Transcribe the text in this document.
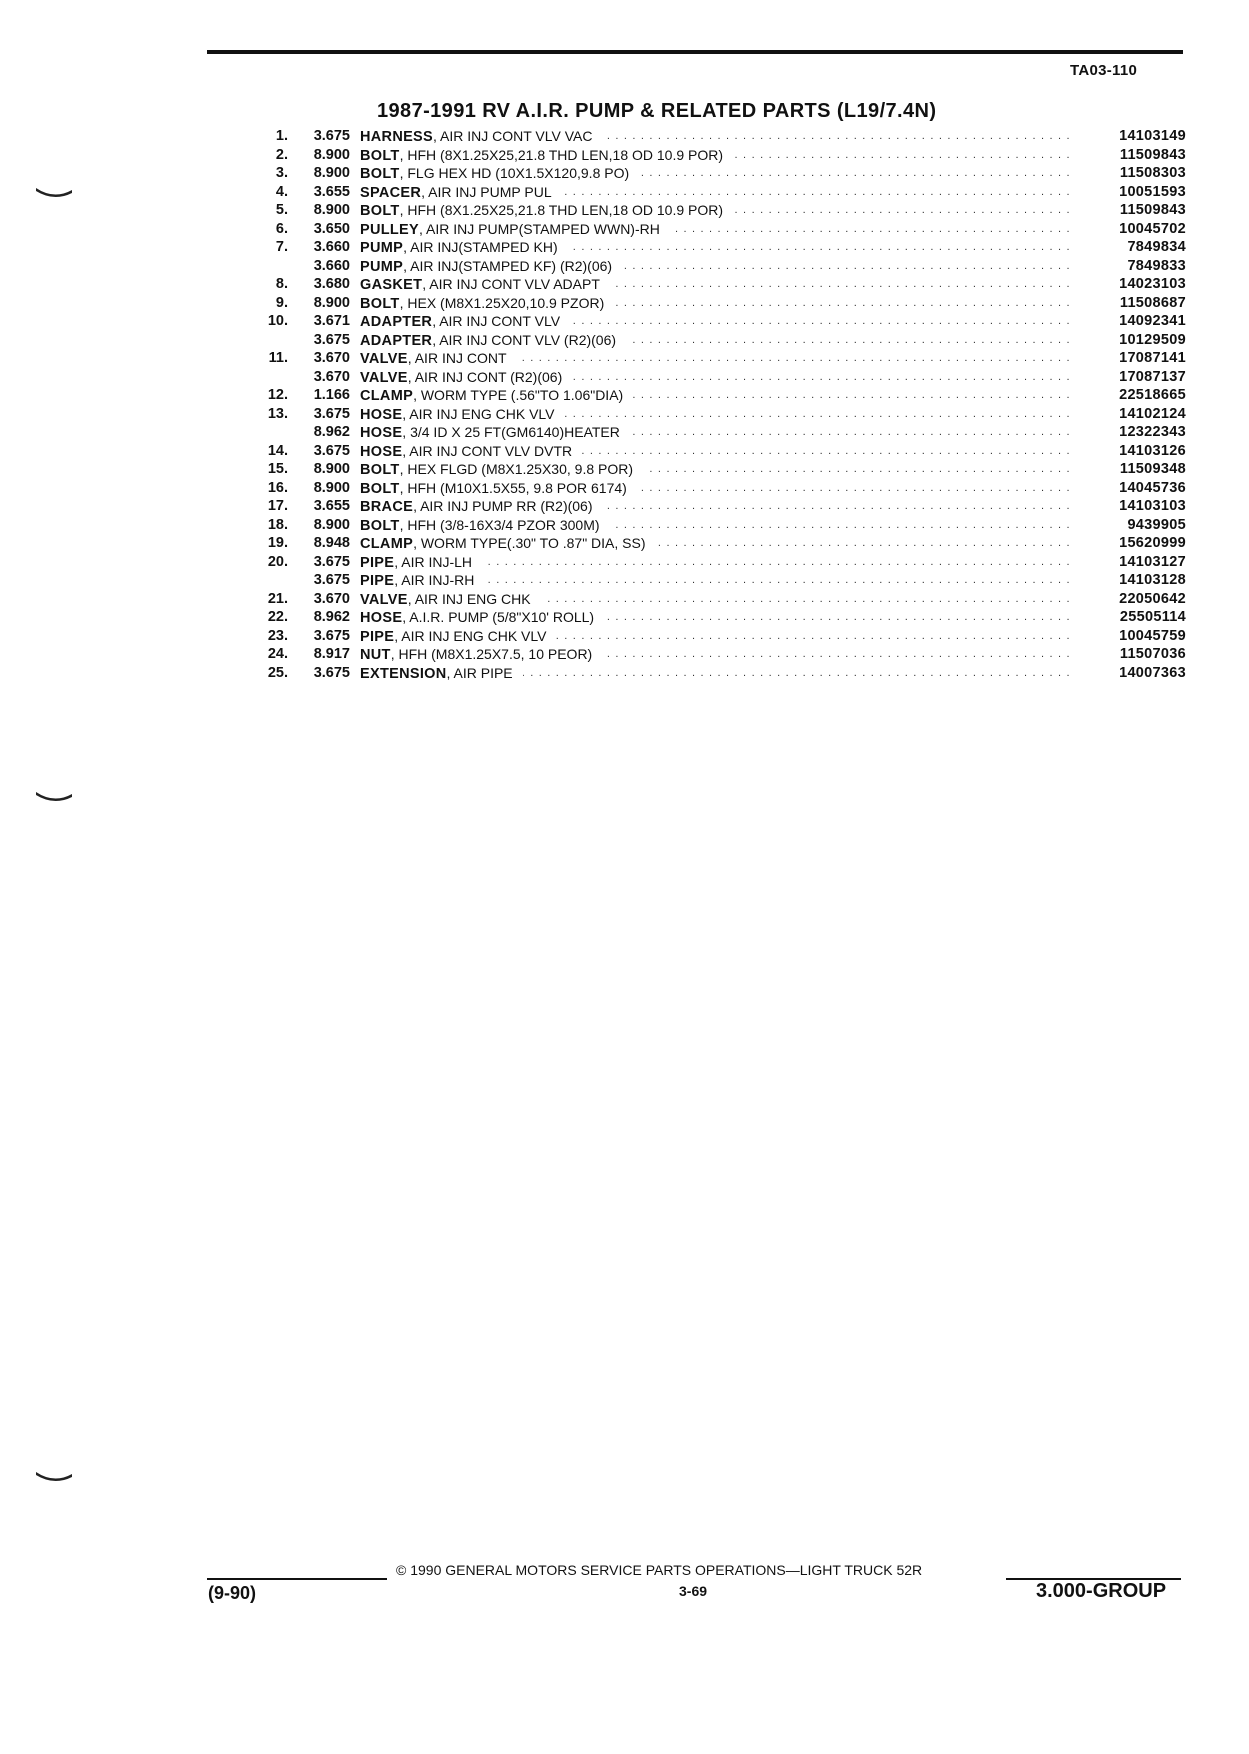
TA03-110
1987-1991 RV A.I.R. PUMP & RELATED PARTS (L19/7.4N)
1.	3.675 HARNESS, AIR INJ CONT VLV VAC . . .	14103149
2.	8.900 BOLT, HFH (8X1.25X25,21.8 THD LEN,18 OD 10.9 POR) . . .	11509843
3.	8.900 BOLT, FLG HEX HD (10X1.5X120,9.8 PO) . . .	11508303
4.	3.655 SPACER, AIR INJ PUMP PUL . . .	10051593
5.	8.900 BOLT, HFH (8X1.25X25,21.8 THD LEN,18 OD 10.9 POR) . . .	11509843
6.	3.650 PULLEY, AIR INJ PUMP(STAMPED WWN)-RH . . .	10045702
7.	3.660 PUMP, AIR INJ(STAMPED KH) . . .	7849834
3.660 PUMP, AIR INJ(STAMPED KF) (R2)(06) . . .	7849833
8.	3.680 GASKET, AIR INJ CONT VLV ADAPT . . .	14023103
9.	8.900 BOLT, HEX (M8X1.25X20,10.9 PZOR) . . .	11508687
10.	3.671 ADAPTER, AIR INJ CONT VLV . . .	14092341
3.675 ADAPTER, AIR INJ CONT VLV (R2)(06) . . .	10129509
11.	3.670 VALVE, AIR INJ CONT . . .	17087141
3.670 VALVE, AIR INJ CONT (R2)(06) . . .	17087137
12.	1.166 CLAMP, WORM TYPE (.56"TO 1.06"DIA) . . .	22518665
13.	3.675 HOSE, AIR INJ ENG CHK VLV . . .	14102124
8.962 HOSE, 3/4 ID X 25 FT(GM6140)HEATER . . .	12322343
14.	3.675 HOSE, AIR INJ CONT VLV DVTR . . .	14103126
15.	8.900 BOLT, HEX FLGD (M8X1.25X30, 9.8 POR) . . .	11509348
16.	8.900 BOLT, HFH (M10X1.5X55, 9.8 POR 6174) . . .	14045736
17.	3.655 BRACE, AIR INJ PUMP RR (R2)(06) . . .	14103103
18.	8.900 BOLT, HFH (3/8-16X3/4 PZOR 300M) . . .	9439905
19.	8.948 CLAMP, WORM TYPE(.30" TO .87" DIA, SS) . . .	15620999
20.	3.675 PIPE, AIR INJ-LH . . .	14103127
3.675 PIPE, AIR INJ-RH . . .	14103128
21.	3.670 VALVE, AIR INJ ENG CHK . . .	22050642
22.	8.962 HOSE, A.I.R. PUMP (5/8"X10' ROLL) . . .	25505114
23.	3.675 PIPE, AIR INJ ENG CHK VLV . . .	10045759
24.	8.917 NUT, HFH (M8X1.25X7.5, 10 PEOR) . . .	11507036
25.	3.675 EXTENSION, AIR PIPE . . .	14007363
© 1990 GENERAL MOTORS SERVICE PARTS OPERATIONS—LIGHT TRUCK 52R
(9-90)	3-69	3.000-GROUP
